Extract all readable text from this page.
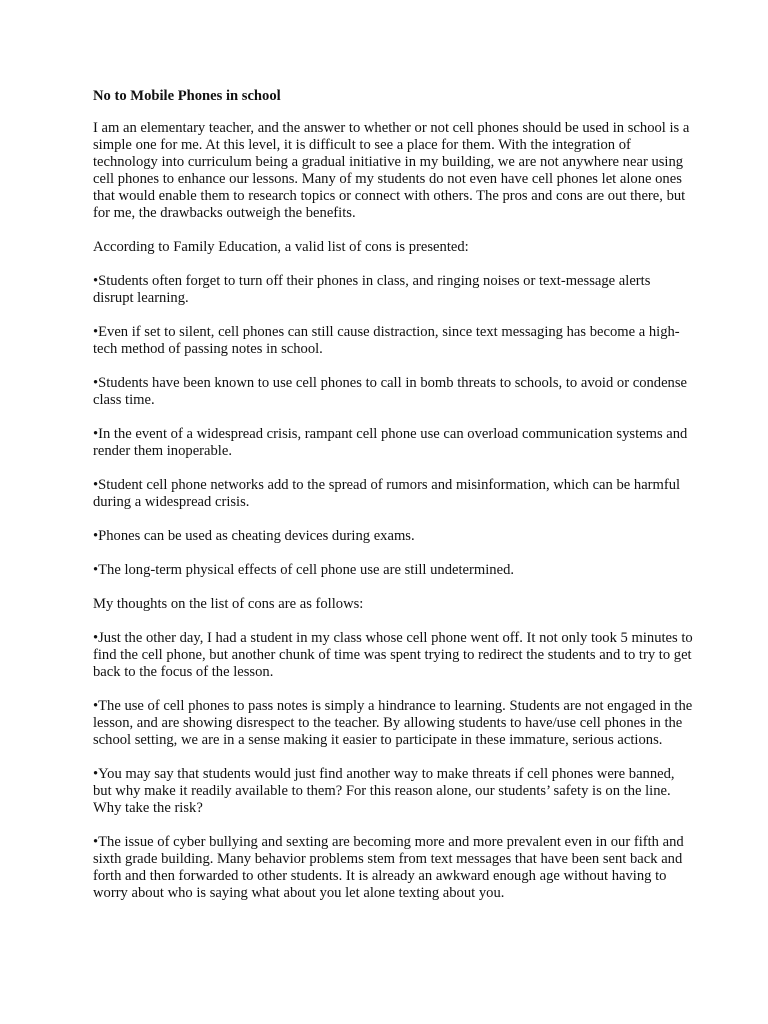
No to Mobile Phones in school
I am an elementary teacher, and the answer to whether or not cell phones should be used in school is a simple one for me. At this level, it is difficult to see a place for them. With the integration of technology into curriculum being a gradual initiative in my building, we are not anywhere near using cell phones to enhance our lessons. Many of my students do not even have cell phones let alone ones that would enable them to research topics or connect with others. The pros and cons are out there, but for me, the drawbacks outweigh the benefits.
According to Family Education, a valid list of cons is presented:
•Students often forget to turn off their phones in class, and ringing noises or text-message alerts disrupt learning.
•Even if set to silent, cell phones can still cause distraction, since text messaging has become a high-tech method of passing notes in school.
•Students have been known to use cell phones to call in bomb threats to schools, to avoid or condense class time.
•In the event of a widespread crisis, rampant cell phone use can overload communication systems and render them inoperable.
•Student cell phone networks add to the spread of rumors and misinformation, which can be harmful during a widespread crisis.
•Phones can be used as cheating devices during exams.
•The long-term physical effects of cell phone use are still undetermined.
My thoughts on the list of cons are as follows:
•Just the other day, I had a student in my class whose cell phone went off. It not only took 5 minutes to find the cell phone, but another chunk of time was spent trying to redirect the students and to try to get back to the focus of the lesson.
•The use of cell phones to pass notes is simply a hindrance to learning. Students are not engaged in the lesson, and are showing disrespect to the teacher. By allowing students to have/use cell phones in the school setting, we are in a sense making it easier to participate in these immature, serious actions.
•You may say that students would just find another way to make threats if cell phones were banned, but why make it readily available to them? For this reason alone, our students’ safety is on the line. Why take the risk?
•The issue of cyber bullying and sexting are becoming more and more prevalent even in our fifth and sixth grade building. Many behavior problems stem from text messages that have been sent back and forth and then forwarded to other students. It is already an awkward enough age without having to worry about who is saying what about you let alone texting about you.
